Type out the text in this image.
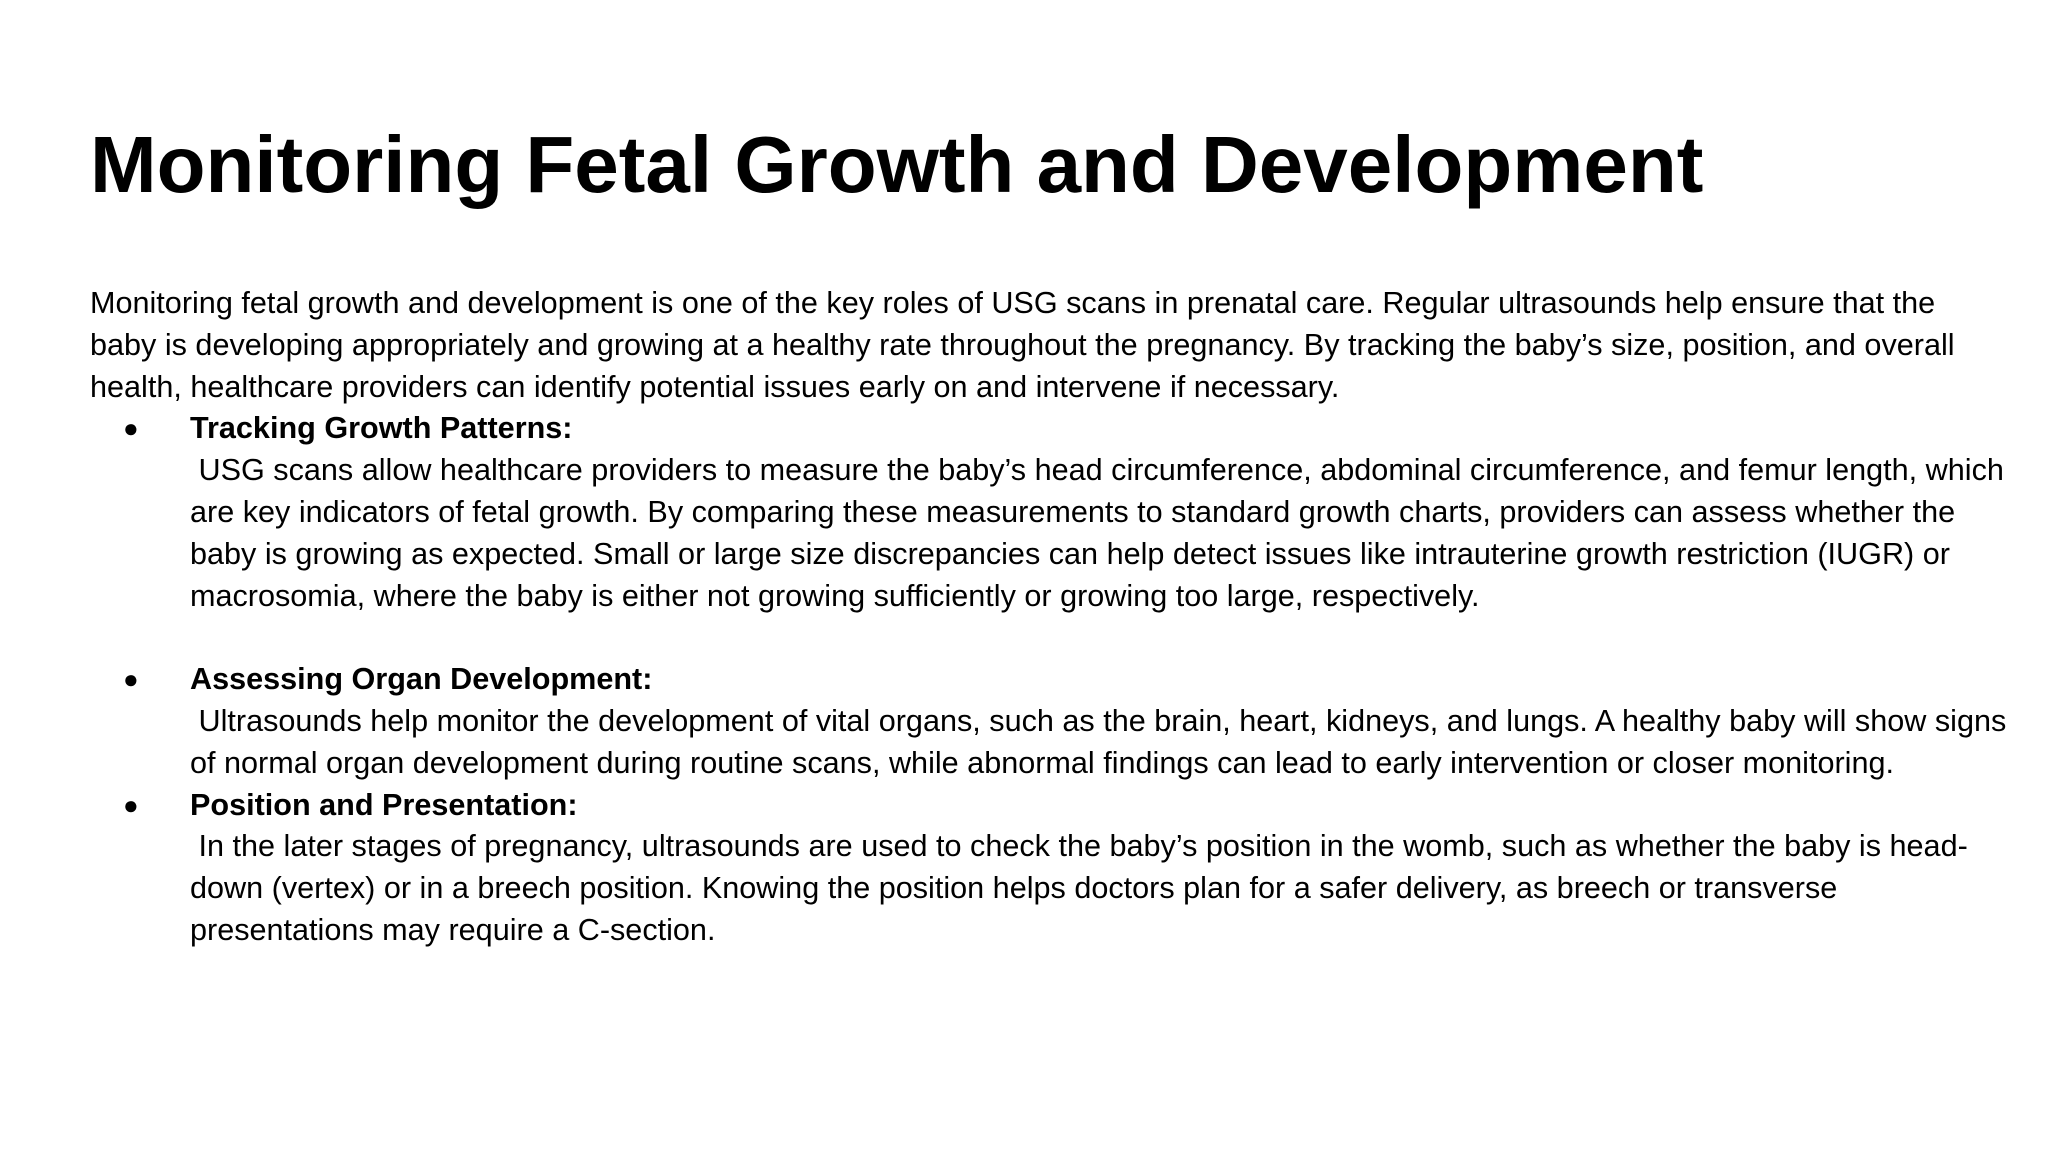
Monitoring Fetal Growth and Development

Monitoring fetal growth and development is one of the key roles of USG scans in prenatal care. Regular ultrasounds help ensure that the baby is developing appropriately and growing at a healthy rate throughout the pregnancy. By tracking the baby’s size, position, and overall health, healthcare providers can identify potential issues early on and intervene if necessary.

● Tracking Growth Patterns:
USG scans allow healthcare providers to measure the baby’s head circumference, abdominal circumference, and femur length, which are key indicators of fetal growth. By comparing these measurements to standard growth charts, providers can assess whether the baby is growing as expected. Small or large size discrepancies can help detect issues like intrauterine growth restriction (IUGR) or macrosomia, where the baby is either not growing sufficiently or growing too large, respectively.
● Assessing Organ Development:
Ultrasounds help monitor the development of vital organs, such as the brain, heart, kidneys, and lungs. A healthy baby will show signs of normal organ development during routine scans, while abnormal findings can lead to early intervention or closer monitoring.
● Position and Presentation:
In the later stages of pregnancy, ultrasounds are used to check the baby’s position in the womb, such as whether the baby is head-down (vertex) or in a breech position. Knowing the position helps doctors plan for a safer delivery, as breech or transverse presentations may require a C-section.
